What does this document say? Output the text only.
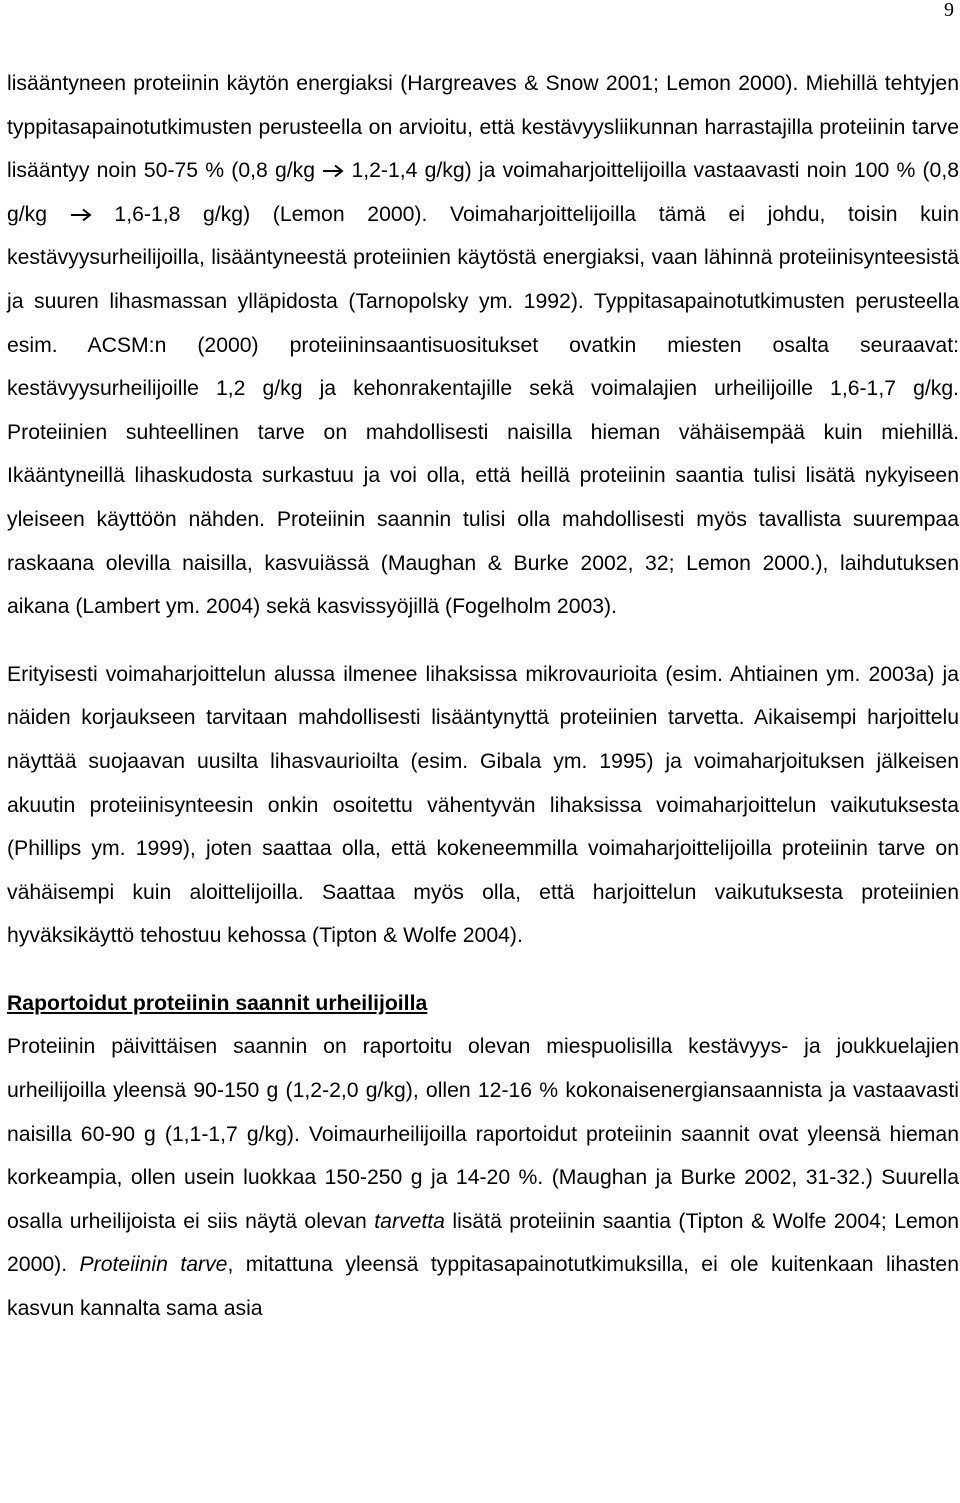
9

lisääntyneen proteiinin käytön energiaksi (Hargreaves & Snow 2001; Lemon 2000). Miehillä tehtyjen typpitasapainotutkimusten perusteella on arvioitu, että kestävyysliikunnan harrastajilla proteiinin tarve lisääntyy noin 50-75 % (0,8 g/kg 1,2-1,4 g/kg) ja voimaharjoittelijoilla vastaavasti noin 100 % (0,8 g/kg	1,6-1,8 g/kg) (Lemon 2000). Voimaharjoittelijoilla tämä ei johdu, toisin kuin kestävyysurheilijoilla, lisääntyneestä proteiinien käytöstä energiaksi, vaan lähinnä proteiinisynteesistä ja suuren lihasmassan ylläpidosta (Tarnopolsky ym. 1992). Typpitasapainotutkimusten perusteella esim. ACSM:n (2000) proteiininsaantisuositukset ovatkin miesten osalta seuraavat: kestävyysurheilijoille 1,2 g/kg ja kehonrakentajille sekä voimalajien urheilijoille 1,6-1,7 g/kg. Proteiinien suhteellinen tarve on mahdollisesti naisilla hieman vähäisempää kuin miehillä. Ikääntyneillä lihaskudosta surkastuu ja voi olla, että heillä proteiinin saantia tulisi lisätä nykyiseen yleiseen käyttöön nähden. Proteiinin saannin tulisi olla mahdollisesti myös tavallista suurempaa raskaana olevilla naisilla, kasvuiässä (Maughan & Burke 2002, 32; Lemon 2000.), laihdutuksen aikana (Lambert ym. 2004) sekä kasvissyöjillä (Fogelholm 2003).

Erityisesti voimaharjoittelun alussa ilmenee lihaksissa mikrovaurioita (esim. Ahtiainen ym. 2003a) ja näiden korjaukseen tarvitaan mahdollisesti lisääntynyttä proteiinien tarvetta. Aikaisempi harjoittelu näyttää suojaavan uusilta lihasvaurioilta (esim. Gibala ym. 1995) ja voimaharjoituksen jälkeisen akuutin proteiinisynteesin onkin osoitettu vähentyvän lihaksissa voimaharjoittelun vaikutuksesta (Phillips ym. 1999), joten saattaa olla, että kokeneemmilla voimaharjoittelijoilla proteiinin tarve on vähäisempi kuin aloittelijoilla. Saattaa myös olla, että harjoittelun vaikutuksesta proteiinien hyväksikäyttö tehostuu kehossa (Tipton & Wolfe 2004).

Raportoidut proteiinin saannit urheilijoilla

Proteiinin päivittäisen saannin on raportoitu olevan miespuolisilla kestävyys- ja joukkuelajien urheilijoilla yleensä 90-150 g (1,2-2,0 g/kg), ollen 12-16 % kokonaisenergiansaannista ja vastaavasti naisilla 60-90 g (1,1-1,7 g/kg). Voimaurheilijoilla raportoidut proteiinin saannit ovat yleensä hieman korkeampia, ollen usein luokkaa 150-250 g ja 14-20 %. (Maughan ja Burke 2002, 31-32.) Suurella osalla urheilijoista ei siis näytä olevan tarvetta lisätä proteiinin saantia (Tipton & Wolfe 2004; Lemon 2000). Proteiinin tarve, mitattuna yleensä typpitasapainotutkimuksilla, ei ole kuitenkaan lihasten kasvun kannalta sama asia
